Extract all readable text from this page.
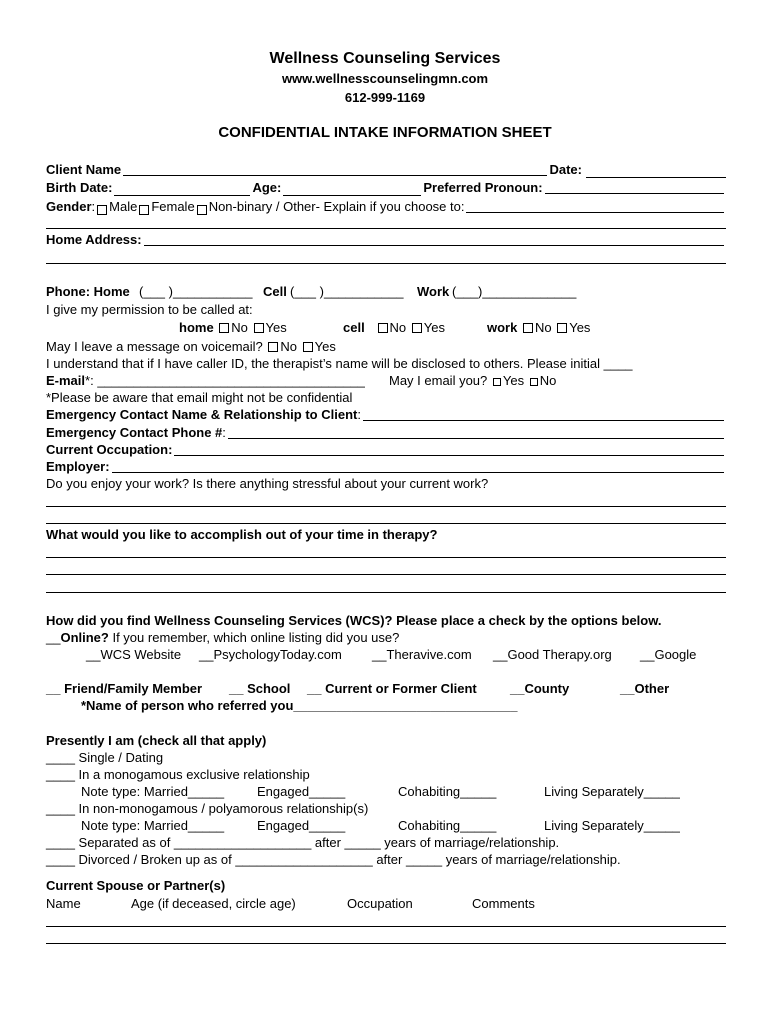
Wellness Counseling Services
www.wellnesscounselingmn.com
612-999-1169
CONFIDENTIAL INTAKE INFORMATION SHEET
Client Name	Date:
Birth Date:	Age:	Preferred Pronoun:
Gender : Male Female Non-binary / Other- Explain if you choose to:
Home Address:
Phone: Home (___ )___________ Cell (___ )___________ Work (___)_____________
I give my permission to be called at:
home No Yes	cell No Yes	work No Yes
May I leave a message on voicemail? No Yes
I understand that if I have caller ID, the therapist’s name will be disclosed to others. Please initial ____
E-mail*: _____________________________________ May I email you? Yes No
*Please be aware that email might not be confidential
Emergency Contact Name & Relationship to Client :
Emergency Contact Phone # :
Current Occupation:
Employer:
Do you enjoy your work? Is there anything stressful about your current work?
What would you like to accomplish out of your time in therapy?
How did you find Wellness Counseling Services (WCS)? Please place a check by the options below.
__Online? If you remember, which online listing did you use?
__WCS Website __PsychologyToday.com __Theravive.com __Good Therapy.org __Google
__ Friend/Family Member __ School __ Current or Former Client	__County	__Other
*Name of person who referred you_______________________________
Presently I am (check all that apply)
____ Single / Dating
____ In a monogamous exclusive relationship
Note type: Married_____	Engaged_____	Cohabiting_____	Living Separately_____
____ In non-monogamous / polyamorous relationship(s)
Note type: Married_____	Engaged_____	Cohabiting_____	Living Separately_____
____ Separated as of ___________________ after _____ years of marriage/relationship.
____ Divorced / Broken up as of ___________________ after _____ years of marriage/relationship.
Current Spouse or Partner(s)
Name	Age (if deceased, circle age)	Occupation	Comments
